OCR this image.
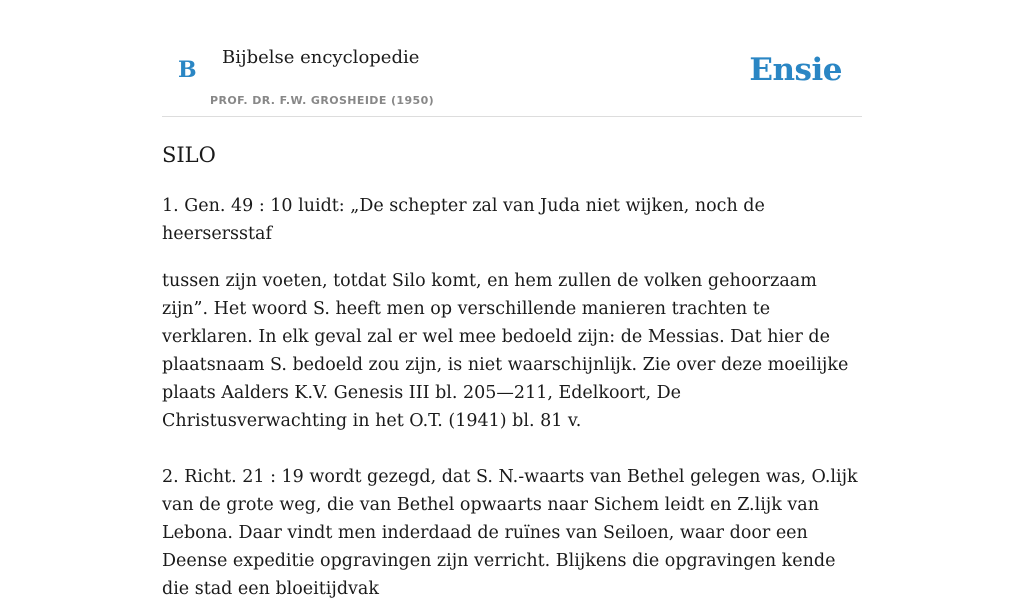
B Bijbelse encyclopedie
PROF. DR. F.W. GROSHEIDE (1950)
Ensie
SILO

1. Gen. 49 : 10 luidt: „De schepter zal van Juda niet wijken, noch de heersersstaf

tussen zijn voeten, totdat Silo komt, en hem zullen de volken gehoorzaam zijn”. Het woord S. heeft men op verschillende manieren trachten te verklaren. In elk geval zal er wel mee bedoeld zijn: de Messias. Dat hier de plaatsnaam S. bedoeld zou zijn, is niet waarschijnlijk. Zie over deze moeilijke plaats Aalders K.V. Genesis III bl. 205—211, Edelkoort, De Christusverwachting in het O.T. (1941) bl. 81 v.

2. Richt. 21 : 19 wordt gezegd, dat S. N.-waarts van Bethel gelegen was, O.lijk van de grote weg, die van Bethel opwaarts naar Sichem leidt en Z.lijk van Lebona. Daar vindt men inderdaad de ruïnes van Seiloen, waar door een Deense expeditie opgravingen zijn verricht. Blijkens die opgravingen kende die stad een bloeitijdvak
